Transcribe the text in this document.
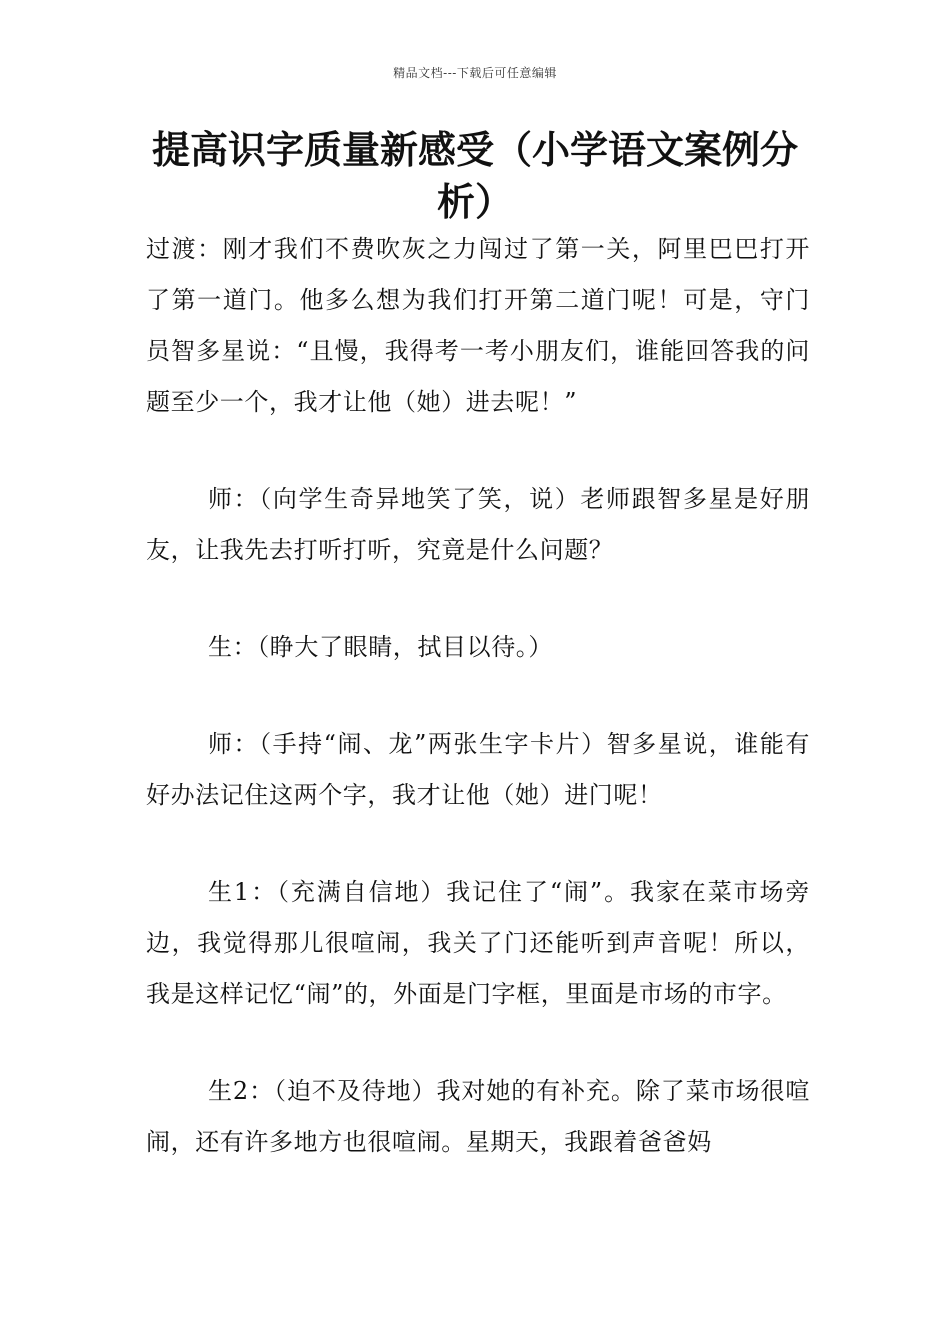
精品文档---下载后可任意编辑
提高识字质量新感受（小学语文案例分析）

过渡：刚才我们不费吹灰之力闯过了第一关，阿里巴巴打开了第一道门。他多么想为我们打开第二道门呢！可是，守门员智多星说：“且慢，我得考一考小朋友们，谁能回答我的问题至少一个，我才让他（她）进去呢！”

师：（向学生奇异地笑了笑，说）老师跟智多星是好朋友，让我先去打听打听，究竟是什么问题？

生：（睁大了眼睛，拭目以待。）

师：（手持“闹、龙”两张生字卡片）智多星说，谁能有好办法记住这两个字，我才让他（她）进门呢！

生1：（充满自信地）我记住了“闹”。我家在菜市场旁边，我觉得那儿很喧闹，我关了门还能听到声音呢！所以，我是这样记忆“闹”的，外面是门字框，里面是市场的市字。

生2：（迫不及待地）我对她的有补充。除了菜市场很喧闹，还有许多地方也很喧闹。星期天，我跟着爸爸妈
